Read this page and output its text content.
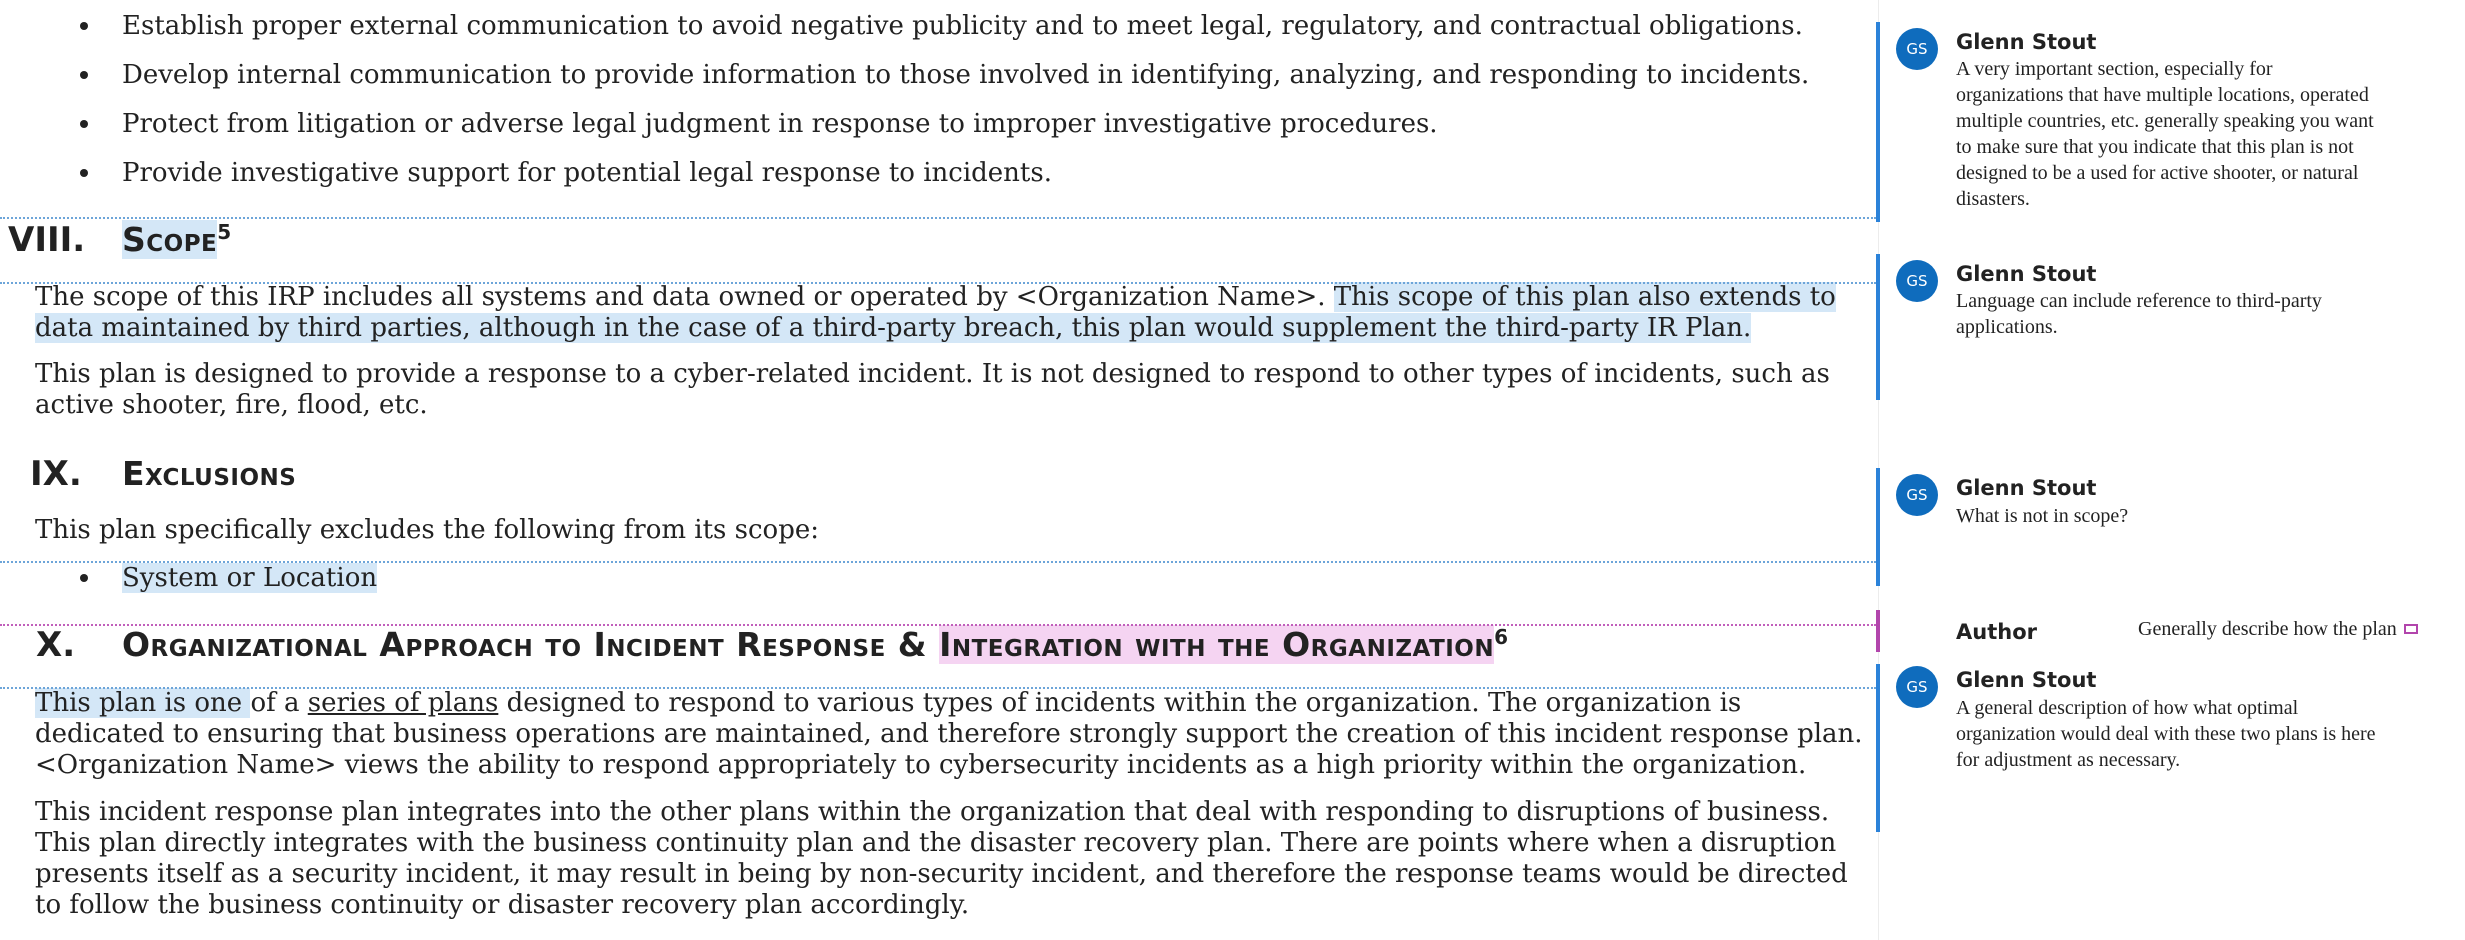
Establish proper external communication to avoid negative publicity and to meet legal, regulatory, and contractual obligations.
Develop internal communication to provide information to those involved in identifying, analyzing, and responding to incidents.
Protect from litigation or adverse legal judgment in response to improper investigative procedures.
Provide investigative support for potential legal response to incidents.
VIII. Scope$^5$
The scope of this IRP includes all systems and data owned or operated by <Organization Name>. This scope of this plan also extends to
data maintained by third parties, although in the case of a third-party breach, this plan would supplement the third-party IR Plan.
This plan is designed to provide a response to a cyber-related incident. It is not designed to respond to other types of incidents, such as
active shooter, fire, flood, etc.
IX. Exclusions
This plan specifically excludes the following from its scope:
System or Location
X. Organizational Approach to Incident Response & Integration with the Organization$^6$
This plan is one of a series of plans designed to respond to various types of incidents within the organization. The organization is
dedicated to ensuring that business operations are maintained, and therefore strongly support the creation of this incident response plan.
<Organization Name> views the ability to respond appropriately to cybersecurity incidents as a high priority within the organization.
This incident response plan integrates into the other plans within the organization that deal with responding to disruptions of business.
This plan directly integrates with the business continuity plan and the disaster recovery plan. There are points where when a disruption
presents itself as a security incident, it may result in being by non-security incident, and therefore the response teams would be directed
to follow the business continuity or disaster recovery plan accordingly.
GS	Glenn Stout
A very important section, especially for organizations that have multiple locations, operated multiple countries, etc. generally speaking you want to make sure that you indicate that this plan is not designed to be a used for active shooter, or natural disasters.
GS	Glenn Stout
Language can include reference to third-party applications.
GS	Glenn Stout
What is not in scope?
Author	Generally describe how the plan
GS	Glenn Stout
A general description of how what optimal organization would deal with these two plans is here for adjustment as necessary.
